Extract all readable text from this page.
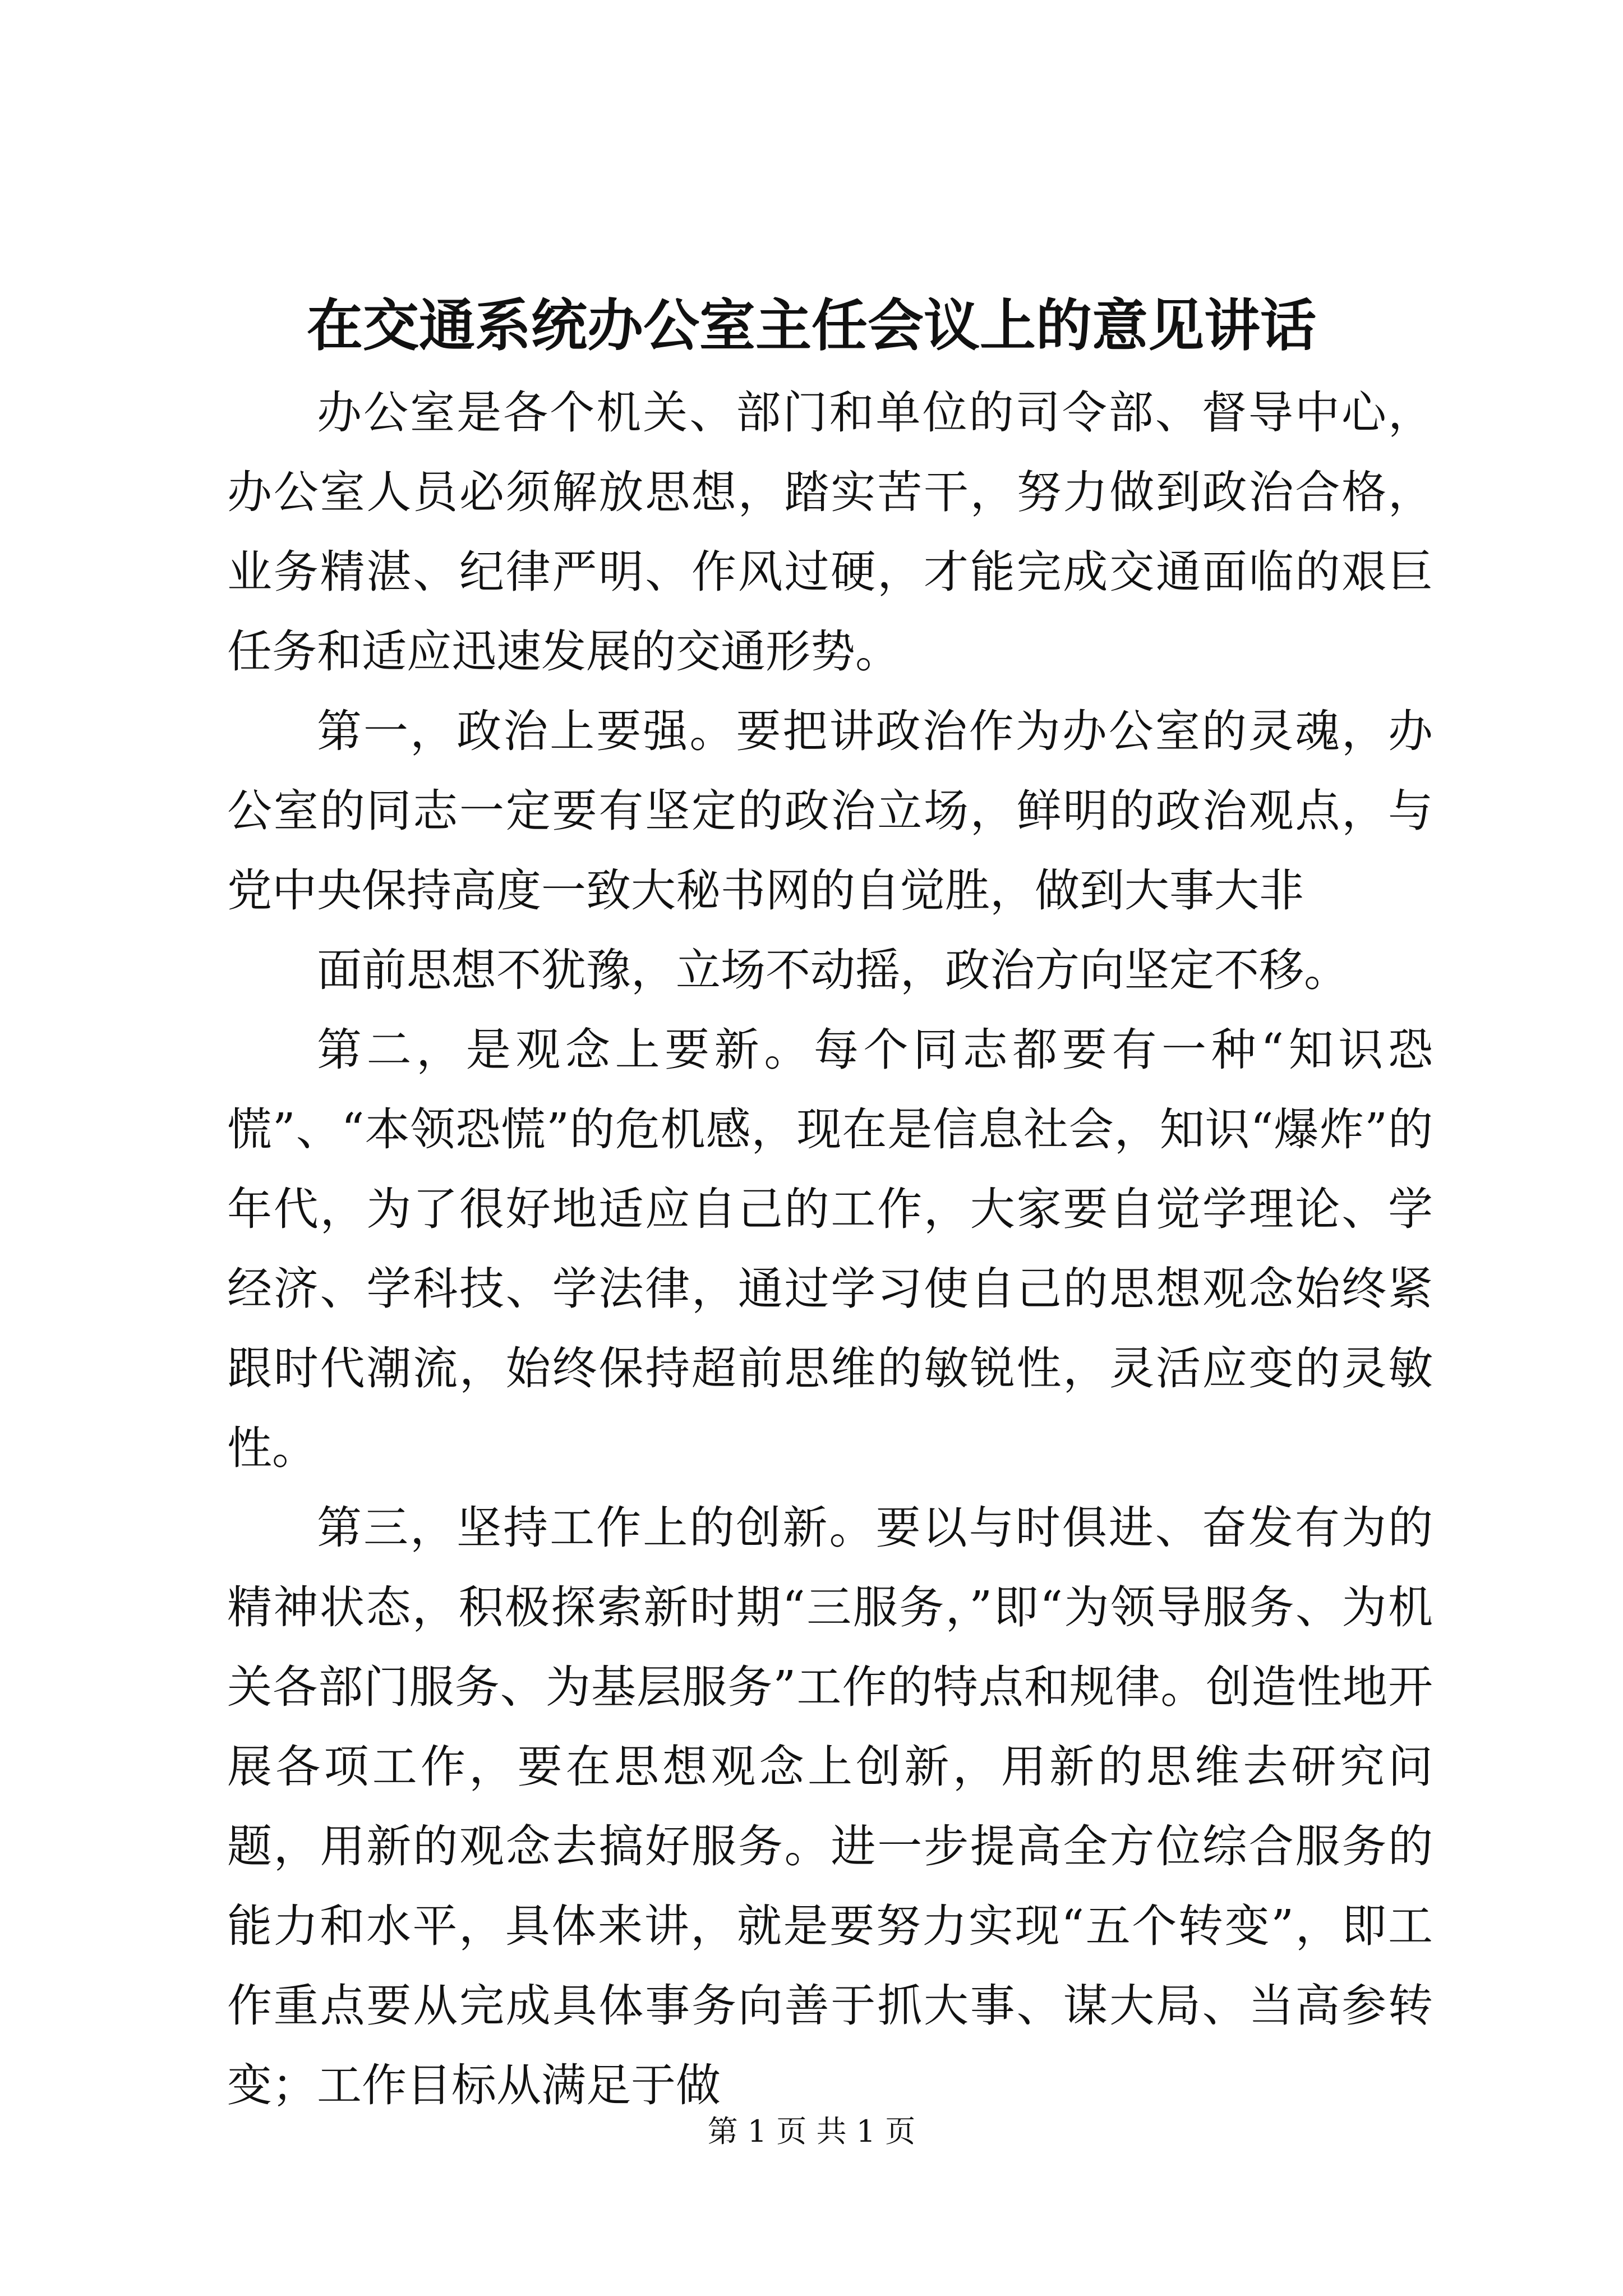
在交通系统办公室主任会议上的意见讲话

办公室是各个机关、部门和单位的司令部、督导中心，办公室人员必须解放思想，踏实苦干，努力做到政治合格，业务精湛、纪律严明、作风过硬，才能完成交通面临的艰巨任务和适应迅速发展的交通形势。

第一，政治上要强。要把讲政治作为办公室的灵魂，办公室的同志一定要有坚定的政治立场，鲜明的政治观点，与党中央保持高度一致大秘书网的自觉胜，做到大事大非

面前思想不犹豫，立场不动摇，政治方向坚定不移。

第二，是观念上要新。每个同志都要有一种“知识恐慌”、“本领恐慌”的危机感，现在是信息社会，知识“爆炸”的年代，为了很好地适应自己的工作，大家要自觉学理论、学经济、学科技、学法律，通过学习使自己的思想观念始终紧跟时代潮流，始终保持超前思维的敏锐性，灵活应变的灵敏性。

第三，坚持工作上的创新。要以与时俱进、奋发有为的精神状态，积极探索新时期“三服务，”即“为领导服务、为机关各部门服务、为基层服务”工作的特点和规律。创造性地开展各项工作，要在思想观念上创新，用新的思维去研究问题，用新的观念去搞好服务。进一步提高全方位综合服务的能力和水平，具体来讲，就是要努力实现“五个转变”，即工作重点要从完成具体事务向善于抓大事、谋大局、当高参转变；工作目标从满足于做

第 1 页 共 1 页
